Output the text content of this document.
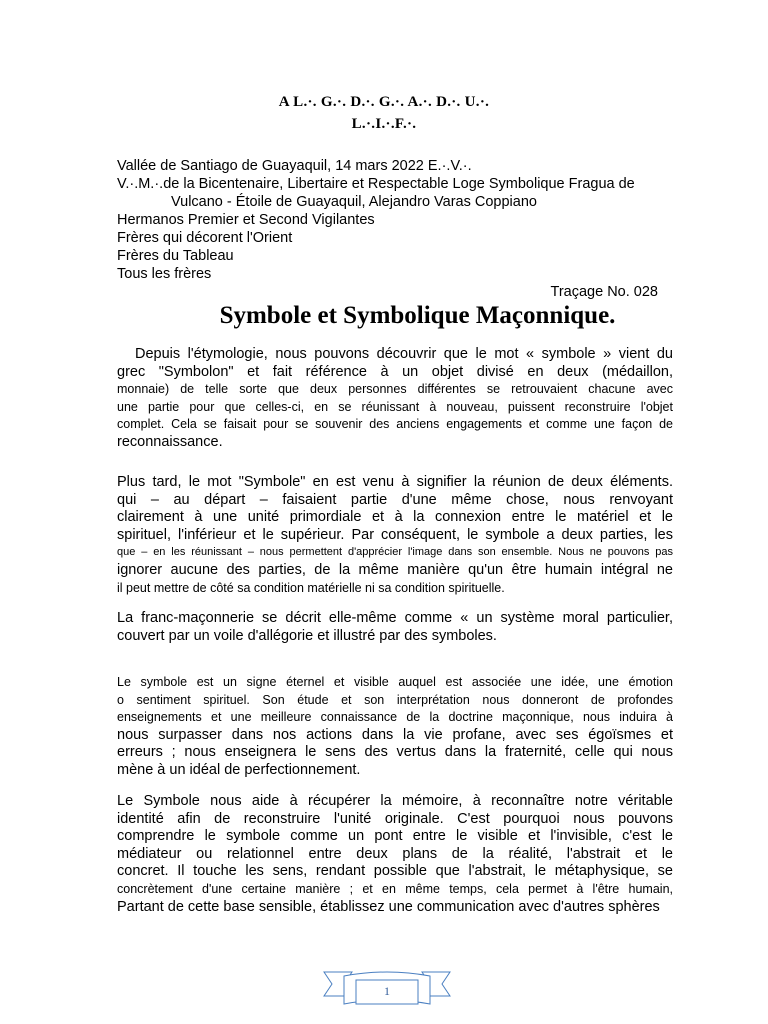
A L.·. G.·. D.·. G.·. A.·. D.·. U.·.
L.·.I.·.F.·.
Vallée de Santiago de Guayaquil, 14 mars 2022 E.·.V.·.
V.·.M.·.de la Bicentenaire, Libertaire et Respectable Loge Symbolique Fragua de
Vulcano - Étoile de Guayaquil, Alejandro Varas Coppiano
Hermanos Premier et Second Vigilantes
Frères qui décorent l'Orient
Frères du Tableau
Tous les frères
Traçage No. 028
Symbole et Symbolique Maçonnique.
Depuis l'étymologie, nous pouvons découvrir que le mot « symbole » vient du
grec "Symbolon" et fait référence à un objet divisé en deux (médaillon,
monnaie) de telle sorte que deux personnes différentes se retrouvaient chacune avec
une partie pour que celles-ci, en se réunissant à nouveau, puissent reconstruire l'objet
complet. Cela se faisait pour se souvenir des anciens engagements et comme une façon de
reconnaissance.
Plus tard, le mot "Symbole" en est venu à signifier la réunion de deux éléments.
qui – au départ – faisaient partie d'une même chose, nous renvoyant
clairement à une unité primordiale et à la connexion entre le matériel et le
spirituel, l'inférieur et le supérieur. Par conséquent, le symbole a deux parties, les
que – en les réunissant – nous permettent d'apprécier l'image dans son ensemble. Nous ne pouvons pas
ignorer aucune des parties, de la même manière qu'un être humain intégral ne
il peut mettre de côté sa condition matérielle ni sa condition spirituelle.
La franc-maçonnerie se décrit elle-même comme « un système moral particulier,
couvert par un voile d'allégorie et illustré par des symboles.
Le symbole est un signe éternel et visible auquel est associée une idée, une émotion
o sentiment spirituel. Son étude et son interprétation nous donneront de profondes
enseignements et une meilleure connaissance de la doctrine maçonnique, nous induira à
nous surpasser dans nos actions dans la vie profane, avec ses égoïsmes et
erreurs ; nous enseignera le sens des vertus dans la fraternité, celle qui nous
mène à un idéal de perfectionnement.
Le Symbole nous aide à récupérer la mémoire, à reconnaître notre véritable
identité afin de reconstruire l'unité originale. C'est pourquoi nous pouvons
comprendre le symbole comme un pont entre le visible et l'invisible, c'est le
médiateur ou relationnel entre deux plans de la réalité, l'abstrait et le
concret. Il touche les sens, rendant possible que l'abstrait, le métaphysique, se
concrètement d'une certaine manière ; et en même temps, cela permet à l'être humain,
Partant de cette base sensible, établissez une communication avec d'autres sphères
1
